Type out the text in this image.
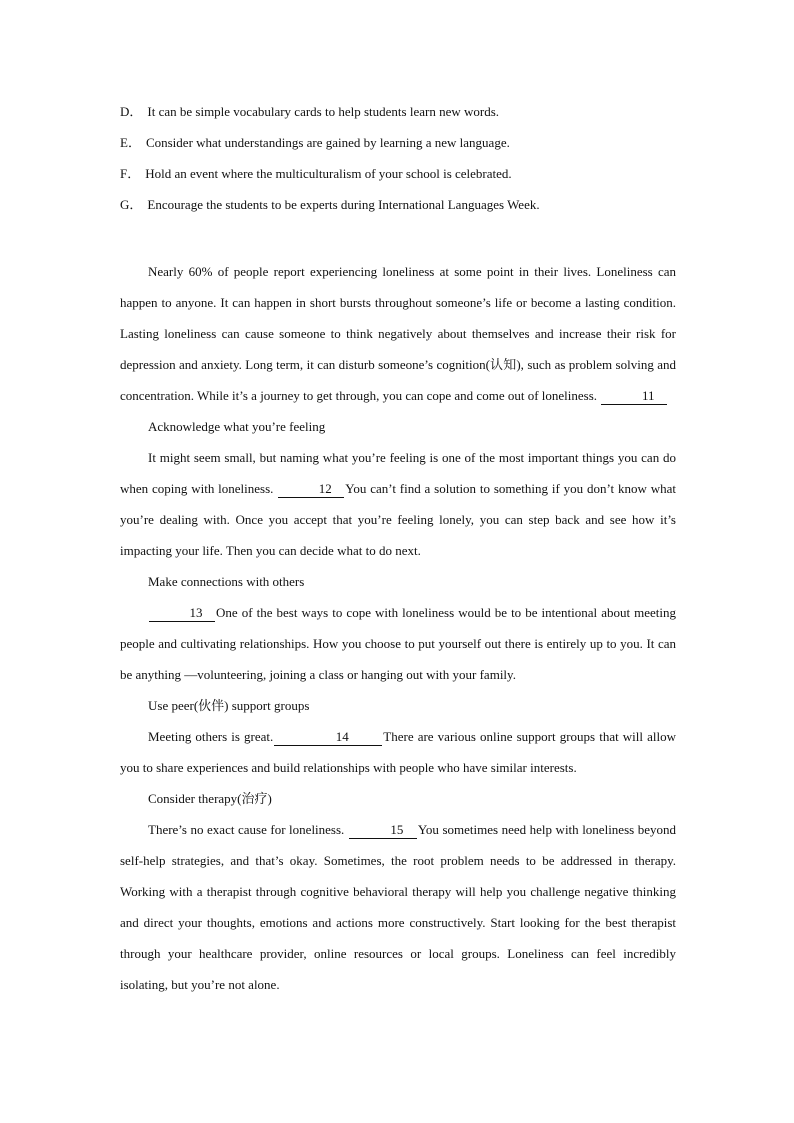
D． It can be simple vocabulary cards to help students learn new words.
E． Consider what understandings are gained by learning a new language.
F． Hold an event where the multiculturalism of your school is celebrated.
G． Encourage the students to be experts during International Languages Week.

Nearly 60% of people report experiencing loneliness at some point in their lives. Loneliness can happen to anyone. It can happen in short bursts throughout someone’s life or become a lasting condition. Lasting loneliness can cause someone to think negatively about themselves and increase their risk for depression and anxiety. Long term, it can disturb someone’s cognition(认知), such as problem solving and concentration. While it’s a journey to get through, you can cope and come out of loneliness.	11

Acknowledge what you’re feeling

It might seem small, but naming what you’re feeling is one of the most important things you can do when coping with loneliness.	12 You can’t find a solution to something if you don’t know what you’re dealing with. Once you accept that you’re feeling lonely, you can step back and see how it’s impacting your life. Then you can decide what to do next.

Make connections with others

13 One of the best ways to cope with loneliness would be to be intentional about meeting people and cultivating relationships. How you choose to put yourself out there is entirely up to you. It can be anything —volunteering, joining a class or hanging out with your family.

Use peer(伙伴) support groups

Meeting others is great.	14	There are various online support groups that will allow you to share experiences and build relationships with people who have similar interests.

Consider therapy(治疗)

There’s no exact cause for loneliness.	15 You sometimes need help with loneliness beyond self-help strategies, and that’s okay. Sometimes, the root problem needs to be addressed in therapy. Working with a therapist through cognitive behavioral therapy will help you challenge negative thinking and direct your thoughts, emotions and actions more constructively. Start looking for the best therapist through your healthcare provider, online resources or local groups. Loneliness can feel incredibly isolating, but you’re not alone.
